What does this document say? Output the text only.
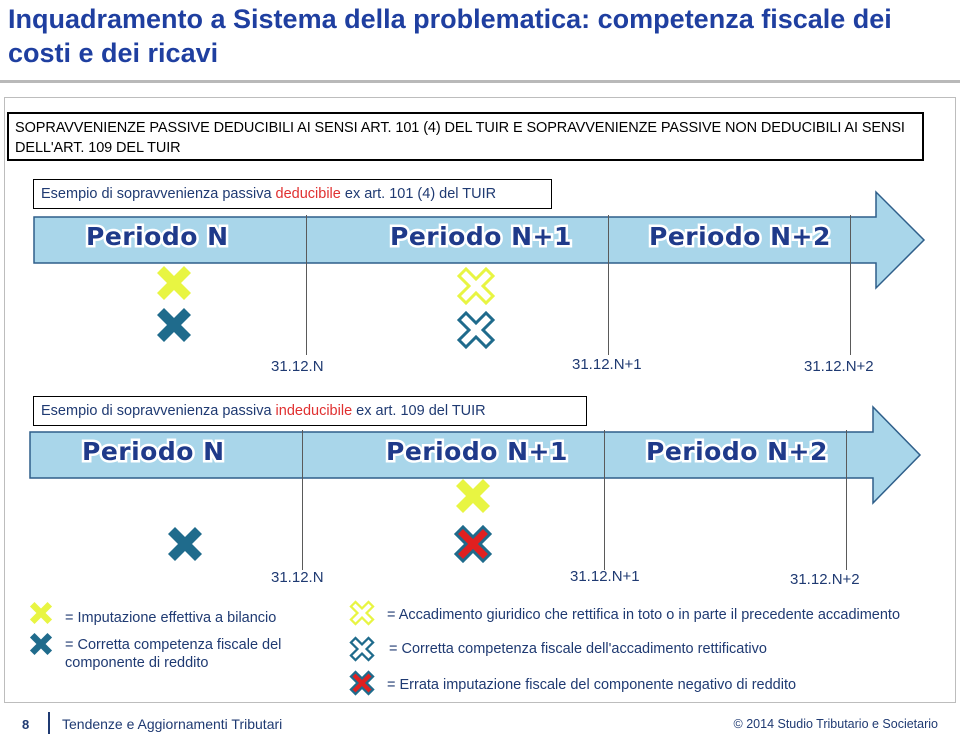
Inquadramento a Sistema della problematica: competenza fiscale dei costi e dei ricavi
SOPRAVVENIENZE PASSIVE DEDUCIBILI AI SENSI ART. 101 (4) DEL TUIR E SOPRAVVENIENZE PASSIVE NON DEDUCIBILI AI SENSI DELL'ART. 109 DEL TUIR
Esempio di sopravvenienza passiva deducibile ex art. 101 (4) del TUIR
Periodo N	Periodo N+1	Periodo N+2
31.12.N	31.12.N+1	31.12.N+2
Esempio di sopravvenienza passiva indeducibile ex art. 109 del TUIR
Periodo N	Periodo N+1	Periodo N+2
31.12.N	31.12.N+1	31.12.N+2
= Imputazione effettiva a bilancio
= Corretta competenza fiscale del componente di reddito
= Accadimento giuridico che rettifica in toto o in parte il precedente accadimento
= Corretta competenza fiscale dell'accadimento rettificativo
= Errata imputazione fiscale del componente negativo di reddito
8 Tendenze e Aggiornamenti Tributari	© 2014 Studio Tributario e Societario
